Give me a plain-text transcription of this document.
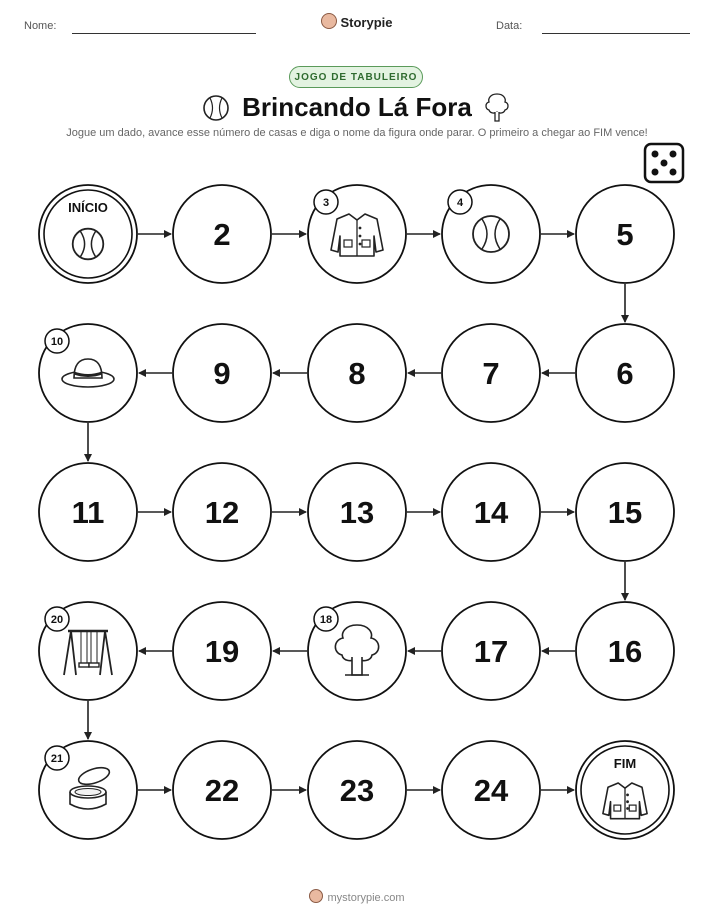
Nome:	Storypie	Data:
JOGO DE TABULEIRO
Brincando Lá Fora
Jogue um dado, avance esse número de casas e diga o nome da figura onde parar. O primeiro a chegar ao FIM vence!
INÍCIO
2
3	4
5
6
7
8
9
10
11	12	13	14	15
16
17
18
19
20
21
22	23	24
FIM
mystorypie.com
